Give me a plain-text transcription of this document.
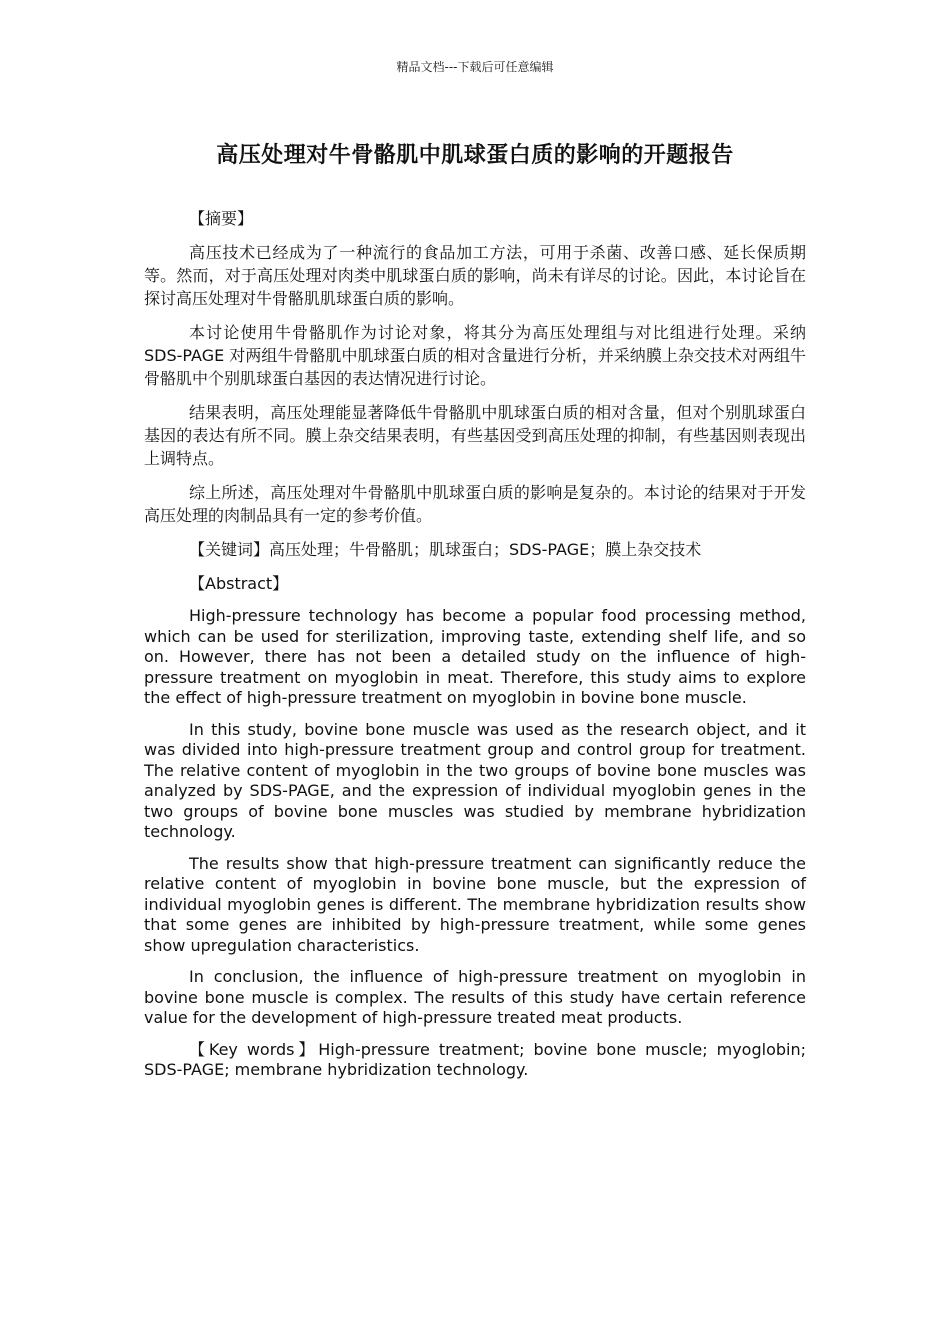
精品文档---下载后可任意编辑
高压处理对牛骨骼肌中肌球蛋白质的影响的开题报告
【摘要】

高压技术已经成为了一种流行的食品加工方法，可用于杀菌、改善口感、延长保质期等。然而，对于高压处理对肉类中肌球蛋白质的影响，尚未有详尽的讨论。因此，本讨论旨在探讨高压处理对牛骨骼肌肌球蛋白质的影响。

本讨论使用牛骨骼肌作为讨论对象，将其分为高压处理组与对比组进行处理。采纳 SDS-PAGE 对两组牛骨骼肌中肌球蛋白质的相对含量进行分析，并采纳膜上杂交技术对两组牛骨骼肌中个别肌球蛋白基因的表达情况进行讨论。

结果表明，高压处理能显著降低牛骨骼肌中肌球蛋白质的相对含量，但对个别肌球蛋白基因的表达有所不同。膜上杂交结果表明，有些基因受到高压处理的抑制，有些基因则表现出上调特点。

综上所述，高压处理对牛骨骼肌中肌球蛋白质的影响是复杂的。本讨论的结果对于开发高压处理的肉制品具有一定的参考价值。

【关键词】高压处理；牛骨骼肌；肌球蛋白；SDS-PAGE；膜上杂交技术
【Abstract】

High-pressure technology has become a popular food processing method, which can be used for sterilization, improving taste, extending shelf life, and so on. However, there has not been a detailed study on the influence of high-pressure treatment on myoglobin in meat. Therefore, this study aims to explore the effect of high-pressure treatment on myoglobin in bovine bone muscle.

In this study, bovine bone muscle was used as the research object, and it was divided into high-pressure treatment group and control group for treatment. The relative content of myoglobin in the two groups of bovine bone muscles was analyzed by SDS-PAGE, and the expression of individual myoglobin genes in the two groups of bovine bone muscles was studied by membrane hybridization technology.

The results show that high-pressure treatment can significantly reduce the relative content of myoglobin in bovine bone muscle, but the expression of individual myoglobin genes is different. The membrane hybridization results show that some genes are inhibited by high-pressure treatment, while some genes show upregulation characteristics.

In conclusion, the influence of high-pressure treatment on myoglobin in bovine bone muscle is complex. The results of this study have certain reference value for the development of high-pressure treated meat products.

【Key words】High-pressure treatment; bovine bone muscle; myoglobin; SDS-PAGE; membrane hybridization technology.
